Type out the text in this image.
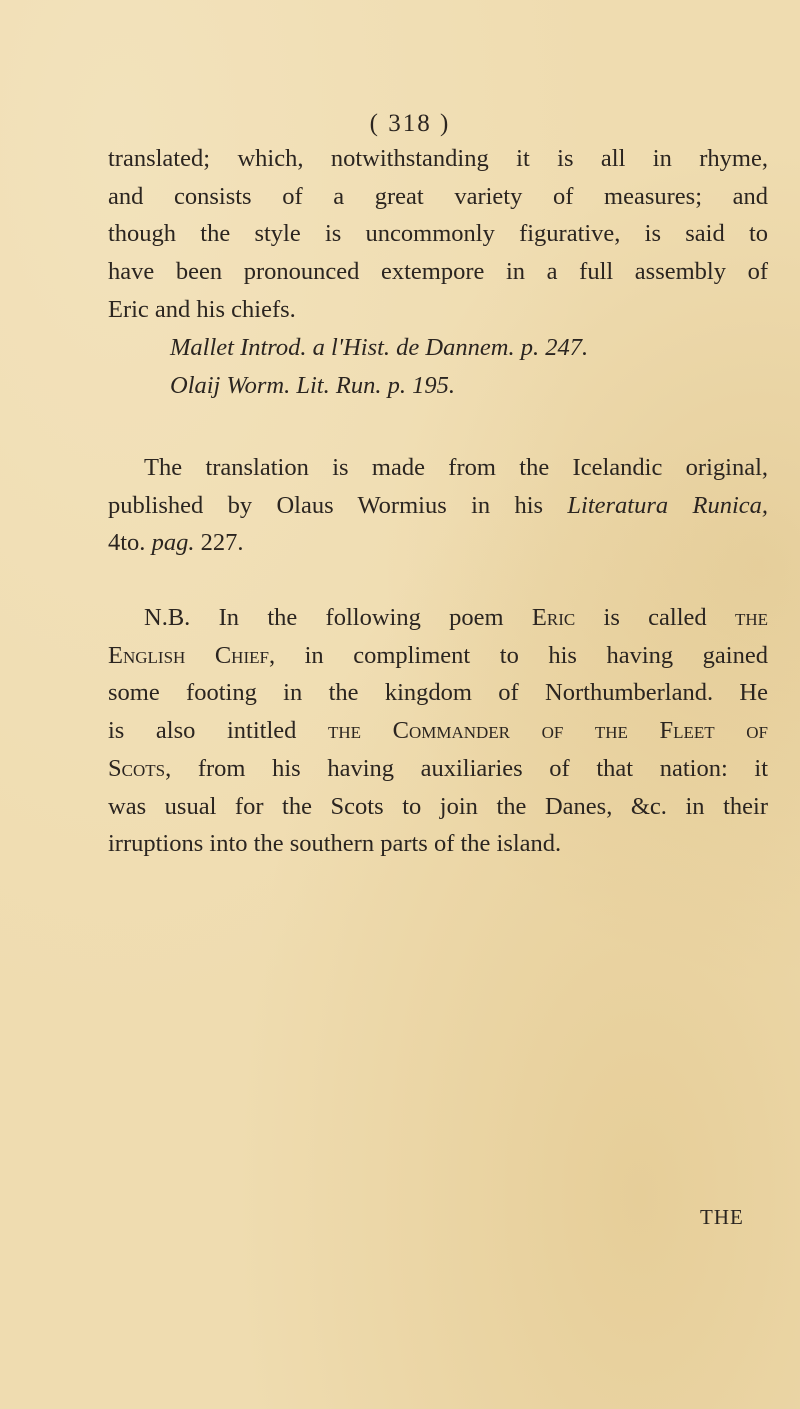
( 318 )
translated; which, notwithstanding it is all in rhyme,
and consists of a great variety of measures; and
though the style is uncommonly figurative, is said to
have been pronounced extempore in a full assembly of
Eric and his chiefs.
Mallet Introd. a l'Hist. de Dannem. p. 247.
Olaij Worm. Lit. Run. p. 195.
The translation is made from the Icelandic original,
published by Olaus Wormius in his Literatura Runica,
4to. pag. 227.
N.B. In the following poem Eric is called the
English Chief, in compliment to his having gained
some footing in the kingdom of Northumberland. He
is also intitled the Commander of the Fleet of
Scots, from his having auxiliaries of that nation: it
was usual for the Scots to join the Danes, &c. in their
irruptions into the southern parts of the island.
THE
